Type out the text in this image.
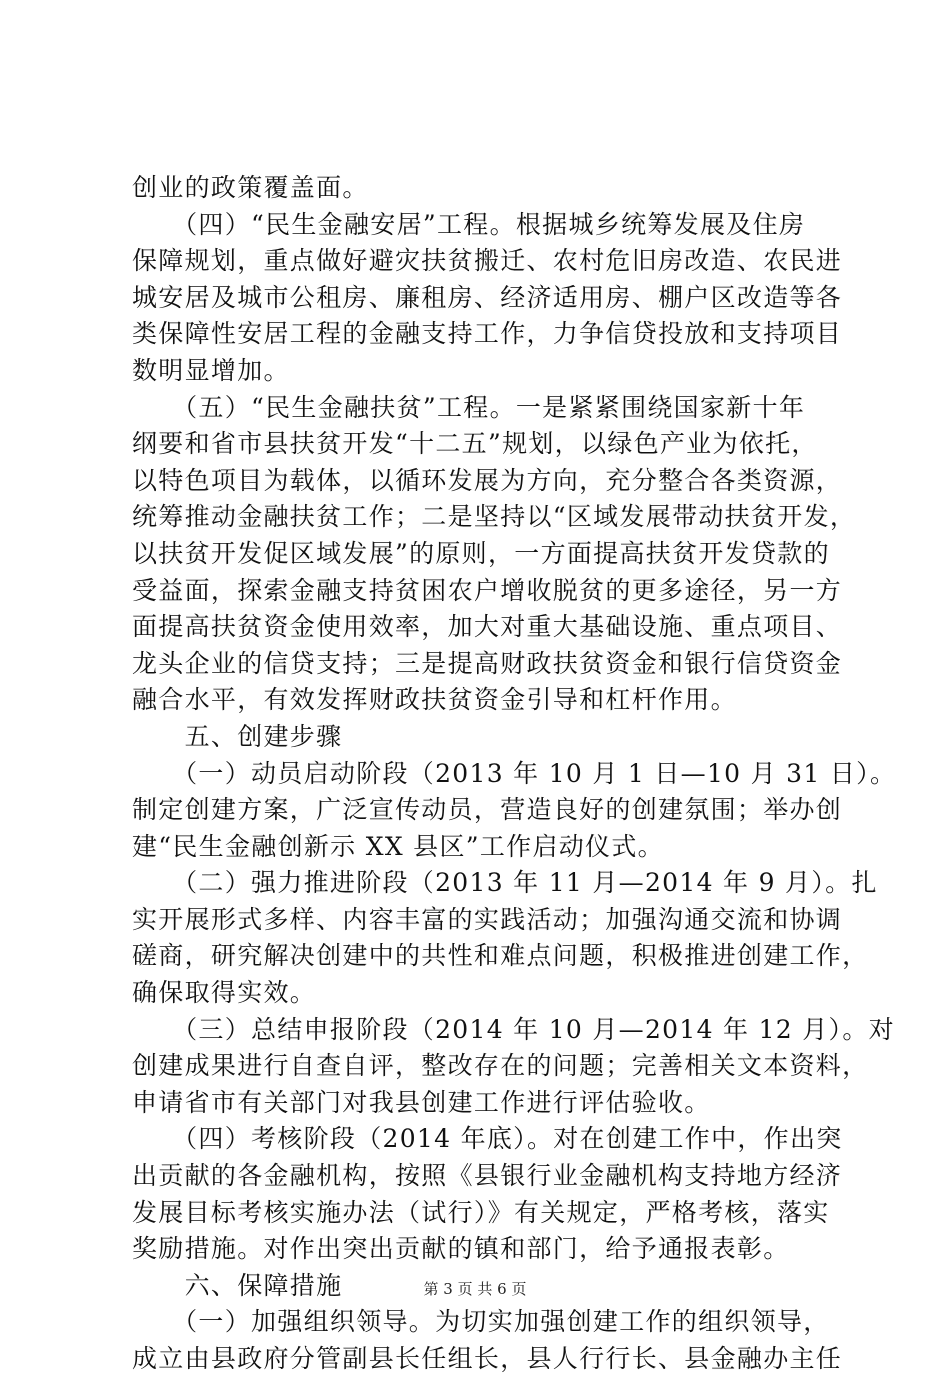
创业的政策覆盖面。
　　（四）“民生金融安居”工程。根据城乡统筹发展及住房
保障规划，重点做好避灾扶贫搬迁、农村危旧房改造、农民进
城安居及城市公租房、廉租房、经济适用房、棚户区改造等各
类保障性安居工程的金融支持工作，力争信贷投放和支持项目
数明显增加。
　　（五）“民生金融扶贫”工程。一是紧紧围绕国家新十年
纲要和省市县扶贫开发“十二五”规划，以绿色产业为依托，
以特色项目为载体，以循环发展为方向，充分整合各类资源，
统筹推动金融扶贫工作；二是坚持以“区域发展带动扶贫开发，
以扶贫开发促区域发展”的原则，一方面提高扶贫开发贷款的
受益面，探索金融支持贫困农户增收脱贫的更多途径，另一方
面提高扶贫资金使用效率，加大对重大基础设施、重点项目、
龙头企业的信贷支持；三是提高财政扶贫资金和银行信贷资金
融合水平，有效发挥财政扶贫资金引导和杠杆作用。
　　五、创建步骤
　　（一）动员启动阶段（2013 年 10 月 1 日—10 月 31 日）。
制定创建方案，广泛宣传动员，营造良好的创建氛围；举办创
建“民生金融创新示 XX 县区”工作启动仪式。
　　（二）强力推进阶段（2013 年 11 月—2014 年 9 月）。扎
实开展形式多样、内容丰富的实践活动；加强沟通交流和协调
磋商，研究解决创建中的共性和难点问题，积极推进创建工作，
确保取得实效。
　　（三）总结申报阶段（2014 年 10 月—2014 年 12 月）。对
创建成果进行自查自评，整改存在的问题；完善相关文本资料，
申请省市有关部门对我县创建工作进行评估验收。
　　（四）考核阶段（2014 年底）。对在创建工作中，作出突
出贡献的各金融机构，按照《县银行业金融机构支持地方经济
发展目标考核实施办法（试行）》有关规定，严格考核，落实
奖励措施。对作出突出贡献的镇和部门，给予通报表彰。
　　六、保障措施
　　（一）加强组织领导。为切实加强创建工作的组织领导，
成立由县政府分管副县长任组长，县人行行长、县金融办主任
第 3 页 共 6 页
